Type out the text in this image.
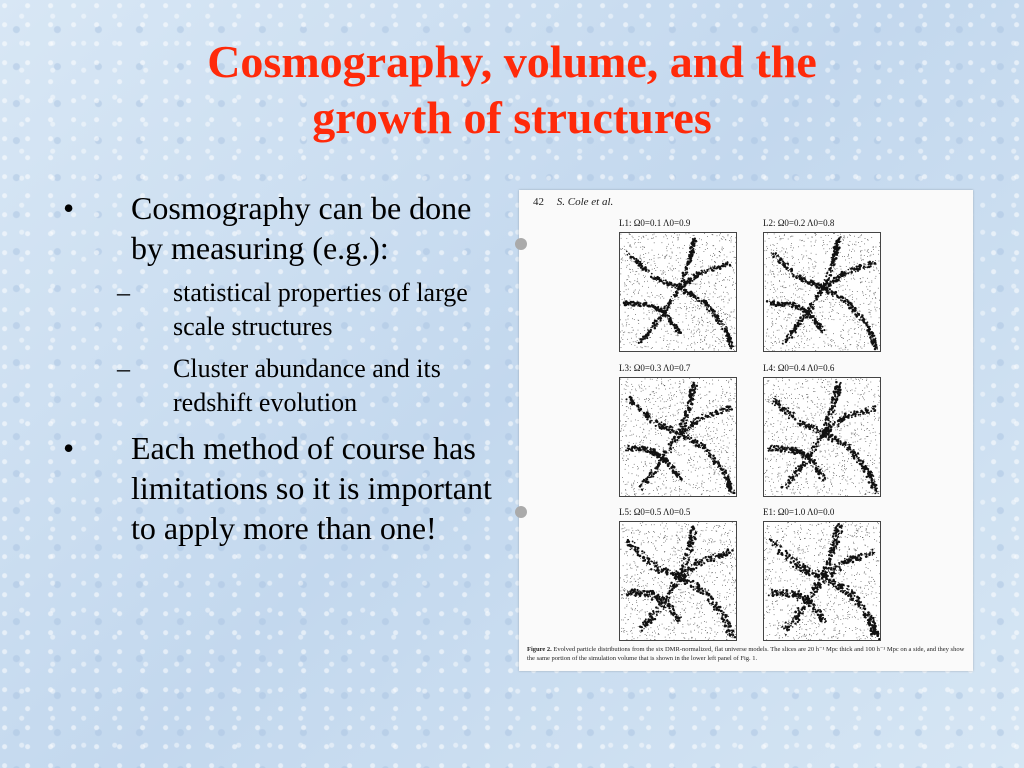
Cosmography, volume, and the
growth of structures
• Cosmography can be done by measuring (e.g.):
– statistical properties of large scale structures
– Cluster abundance and its redshift evolution
• Each method of course has limitations so it is important to apply more than one!
42 S. Cole et al.
L1: Ω0=0.1 Λ0=0.9	L2: Ω0=0.2 Λ0=0.8
L3: Ω0=0.3 Λ0=0.7	L4: Ω0=0.4 Λ0=0.6
L5: Ω0=0.5 Λ0=0.5	E1: Ω0=1.0 Λ0=0.0
Figure 2. Evolved particle distributions from the six DMR-normalized, flat universe models. The slices are 20 h⁻¹ Mpc thick and 100 h⁻¹ Mpc on a side, and they show the same portion of the simulation volume that is shown in the lower left panel of Fig. 1.
